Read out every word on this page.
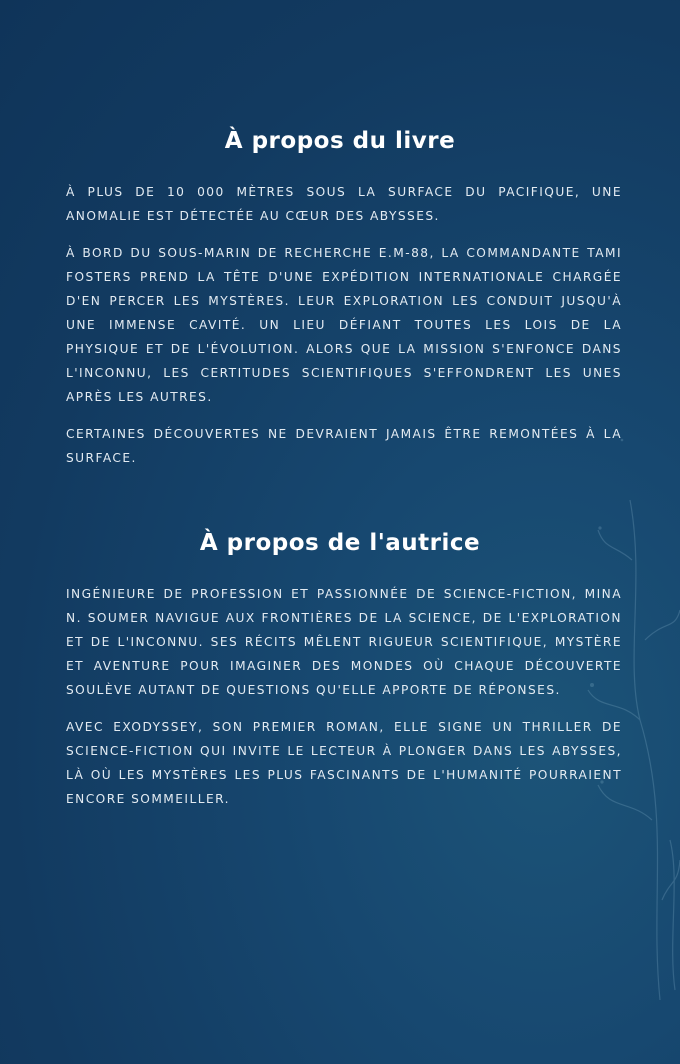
À propos du livre

À PLUS DE 10 000 MÈTRES SOUS LA SURFACE DU PACIFIQUE, UNE ANOMALIE EST DÉTECTÉE AU CŒUR DES ABYSSES.

À BORD DU SOUS-MARIN DE RECHERCHE E.M-88, LA COMMANDANTE TAMI FOSTERS PREND LA TÊTE D'UNE EXPÉDITION INTERNATIONALE CHARGÉE D'EN PERCER LES MYSTÈRES. LEUR EXPLORATION LES CONDUIT JUSQU'À UNE IMMENSE CAVITÉ. UN LIEU DÉFIANT TOUTES LES LOIS DE LA PHYSIQUE ET DE L'ÉVOLUTION. ALORS QUE LA MISSION S'ENFONCE DANS L'INCONNU, LES CERTITUDES SCIENTIFIQUES S'EFFONDRENT LES UNES APRÈS LES AUTRES.

CERTAINES DÉCOUVERTES NE DEVRAIENT JAMAIS ÊTRE REMONTÉES À LA SURFACE.

À propos de l'autrice

INGÉNIEURE DE PROFESSION ET PASSIONNÉE DE SCIENCE-FICTION, MINA N. SOUMER NAVIGUE AUX FRONTIÈRES DE LA SCIENCE, DE L'EXPLORATION ET DE L'INCONNU. SES RÉCITS MÊLENT RIGUEUR SCIENTIFIQUE, MYSTÈRE ET AVENTURE POUR IMAGINER DES MONDES OÙ CHAQUE DÉCOUVERTE SOULÈVE AUTANT DE QUESTIONS QU'ELLE APPORTE DE RÉPONSES.

AVEC EXODYSSEY, SON PREMIER ROMAN, ELLE SIGNE UN THRILLER DE SCIENCE-FICTION QUI INVITE LE LECTEUR À PLONGER DANS LES ABYSSES, LÀ OÙ LES MYSTÈRES LES PLUS FASCINANTS DE L'HUMANITÉ POURRAIENT ENCORE SOMMEILLER.
